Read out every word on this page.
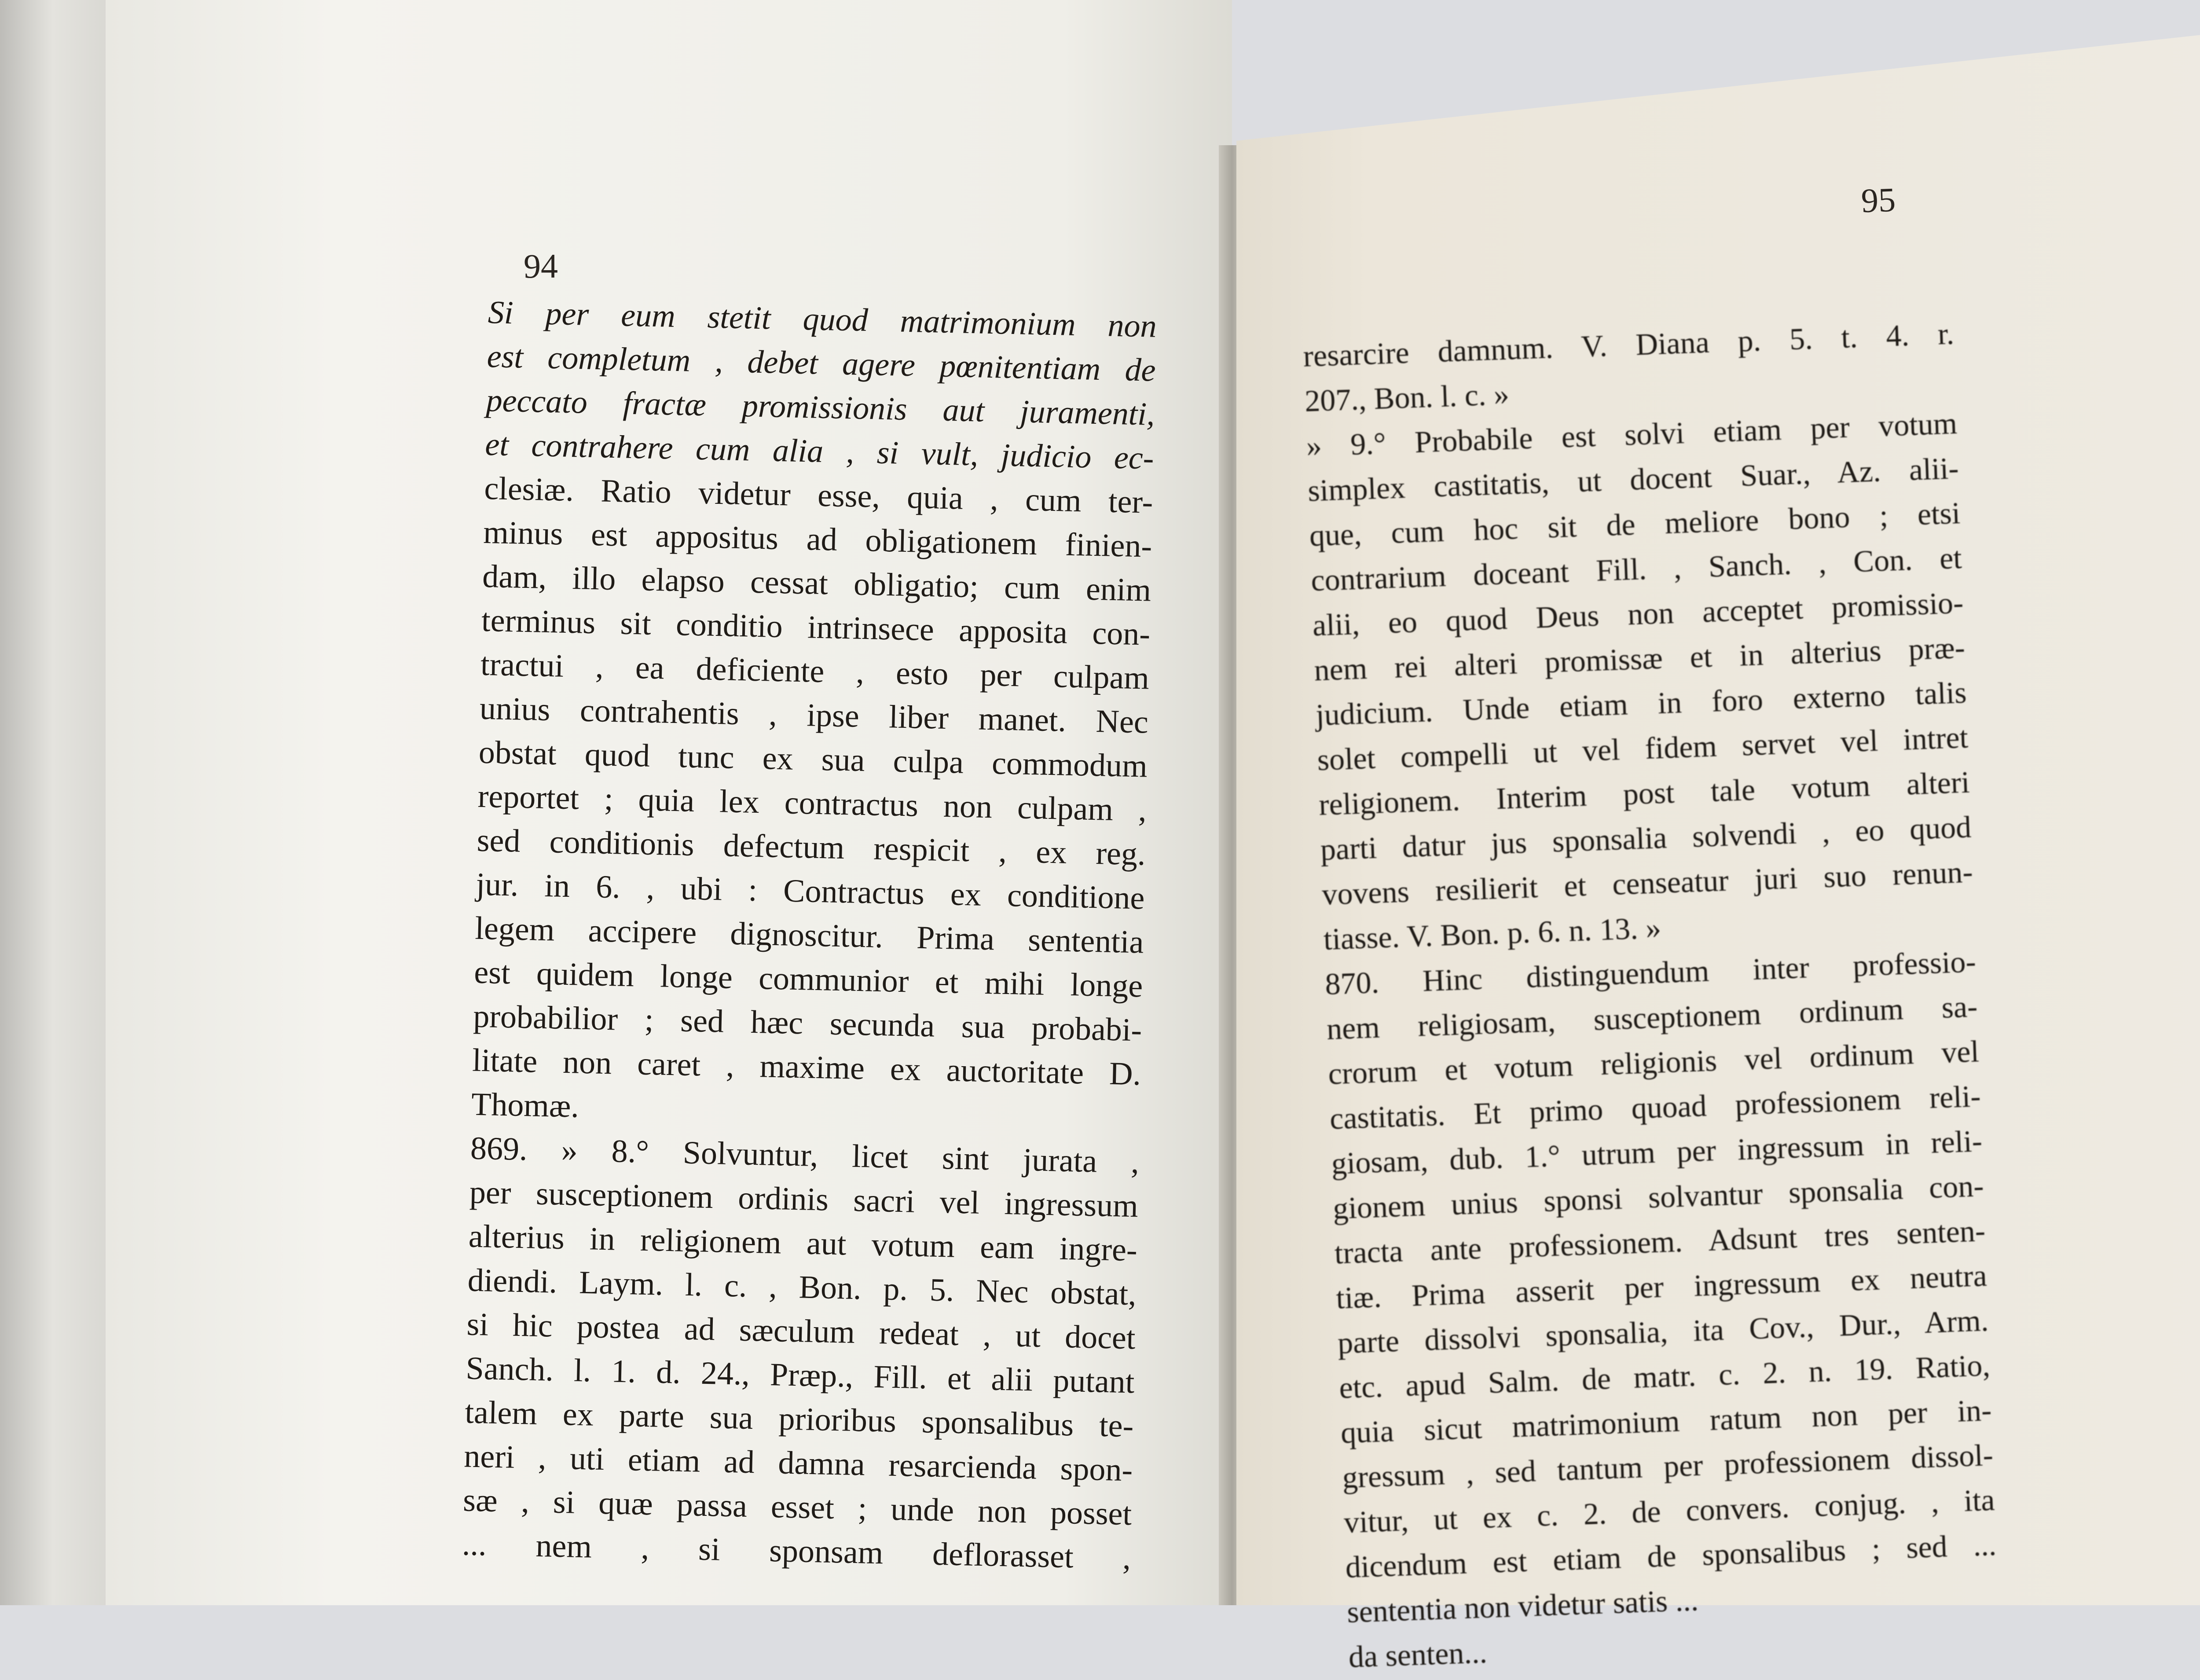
94
95
Si per eum stetit quod matrimonium non
est completum , debet agere pœnitentiam de
peccato fractæ promissionis aut juramenti,
et contrahere cum alia , si vult, judicio ec-
clesiæ. Ratio videtur esse, quia , cum ter-
minus est appositus ad obligationem finien-
dam, illo elapso cessat obligatio; cum enim
terminus sit conditio intrinsece apposita con-
tractui , ea deficiente , esto per culpam
unius contrahentis , ipse liber manet. Nec
obstat quod tunc ex sua culpa commodum
reportet ; quia lex contractus non culpam ,
sed conditionis defectum respicit , ex reg.
jur. in 6. , ubi : Contractus ex conditione
legem accipere dignoscitur. Prima sententia
est quidem longe communior et mihi longe
probabilior ; sed hæc secunda sua probabi-
litate non caret , maxime ex auctoritate D.
Thomæ.
869. » 8.° Solvuntur, licet sint jurata ,
per susceptionem ordinis sacri vel ingressum
alterius in religionem aut votum eam ingre-
diendi. Laym. l. c. , Bon. p. 5. Nec obstat,
si hic postea ad sæculum redeat , ut docet
Sanch. l. 1. d. 24., Præp., Fill. et alii putant
talem ex parte sua prioribus sponsalibus te-
neri , uti etiam ad damna resarcienda spon-
sæ , si quæ passa esset ; unde non posset
... nem , si sponsam deflorasset ,
resarcire damnum. V. Diana p. 5. t. 4. r.
207., Bon. l. c. »
» 9.° Probabile est solvi etiam per votum
simplex castitatis, ut docent Suar., Az. alii-
que, cum hoc sit de meliore bono ; etsi
contrarium doceant Fill. , Sanch. , Con. et
alii, eo quod Deus non acceptet promissio-
nem rei alteri promissæ et in alterius præ-
judicium. Unde etiam in foro externo talis
solet compelli ut vel fidem servet vel intret
religionem. Interim post tale votum alteri
parti datur jus sponsalia solvendi , eo quod
vovens resilierit et censeatur juri suo renun-
tiasse. V. Bon. p. 6. n. 13. »
870. Hinc distinguendum inter professio-
nem religiosam, susceptionem ordinum sa-
crorum et votum religionis vel ordinum vel
castitatis. Et primo quoad professionem reli-
giosam, dub. 1.° utrum per ingressum in reli-
gionem unius sponsi solvantur sponsalia con-
tracta ante professionem. Adsunt tres senten-
tiæ. Prima asserit per ingressum ex neutra
parte dissolvi sponsalia, ita Cov., Dur., Arm.
etc. apud Salm. de matr. c. 2. n. 19. Ratio,
quia sicut matrimonium ratum non per in-
gressum , sed tantum per professionem dissol-
vitur, ut ex c. 2. de convers. conjug. , ita
dicendum est etiam de sponsalibus ; sed ...
sententia non videtur satis ...
da senten...
